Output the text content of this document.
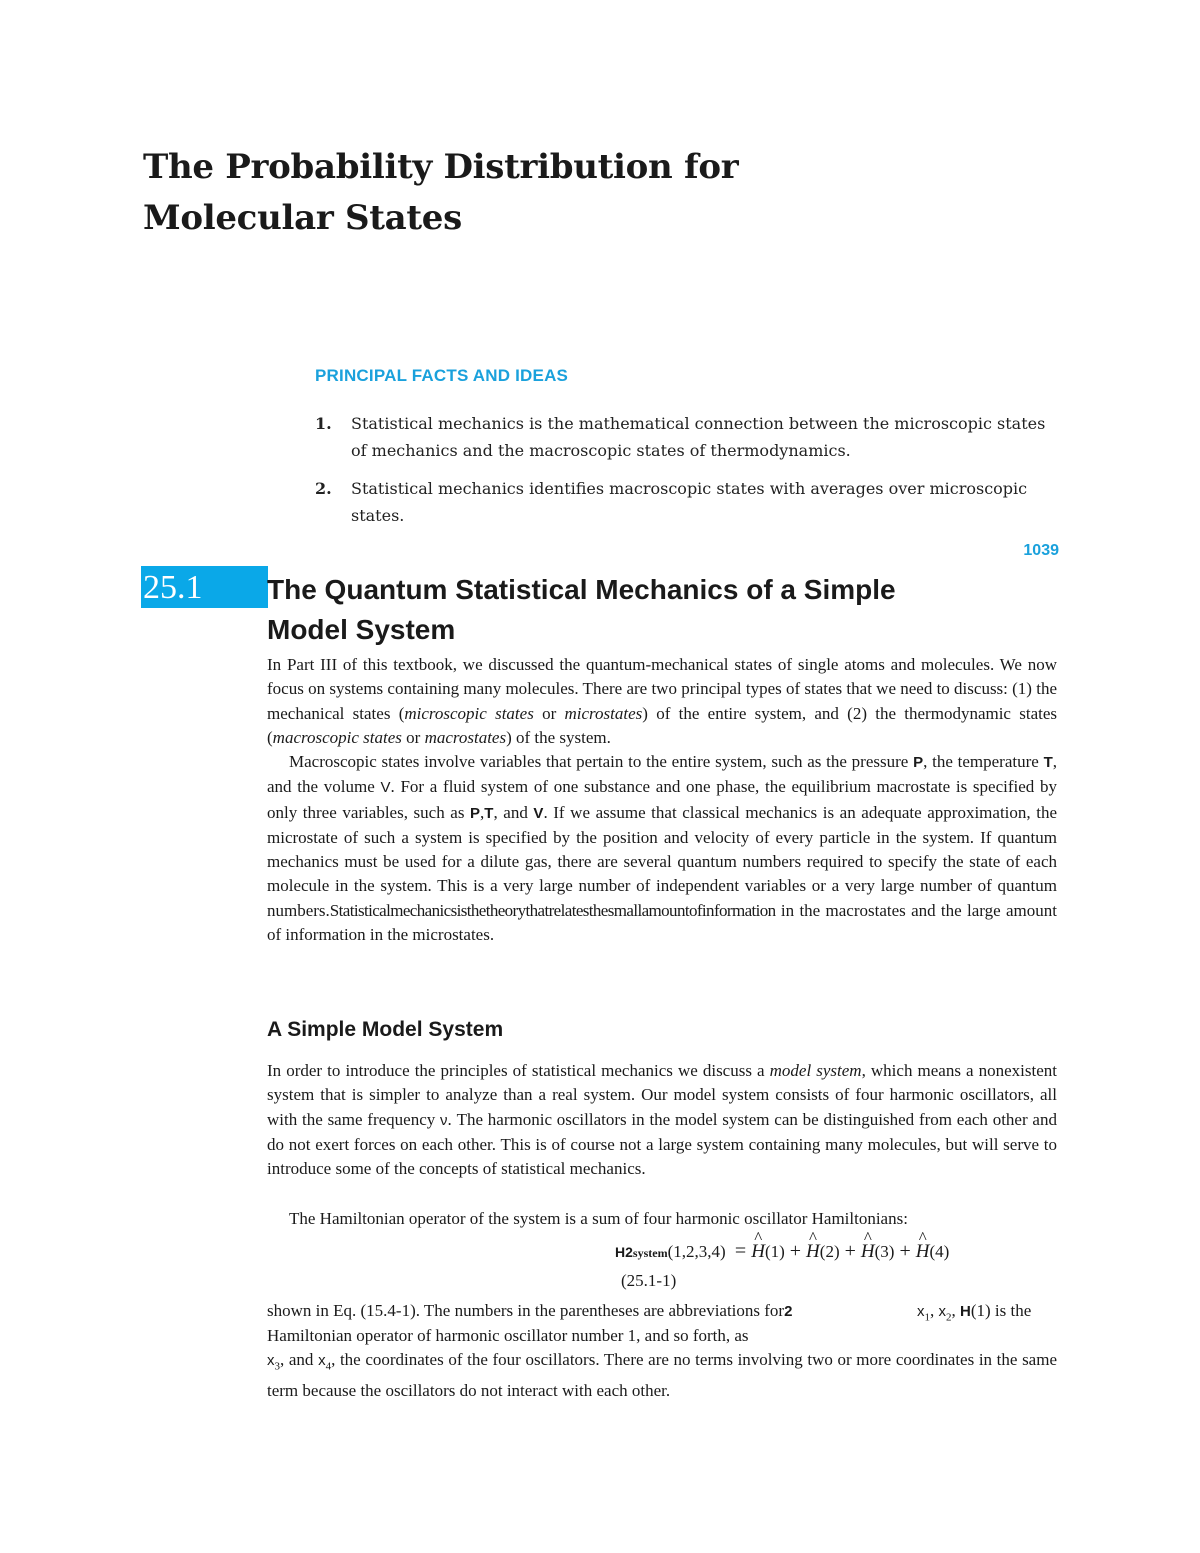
The Probability Distribution for
Molecular States
PRINCIPAL FACTS AND IDEAS
1. Statistical mechanics is the mathematical connection between the microscopic states of mechanics and the macroscopic states of thermodynamics.
2. Statistical mechanics identifies macroscopic states with averages over microscopic states.
1039
25.1	The Quantum Statistical Mechanics of a Simple
Model System

In Part III of this textbook, we discussed the quantum-mechanical states of single atoms and molecules. We now focus on systems containing many molecules. There are two principal types of states that we need to discuss: (1) the mechanical states (microscopic states or microstates) of the entire system, and (2) the thermodynamic states (macroscopic states or macrostates) of the system.

Macroscopic states involve variables that pertain to the entire system, such as the pressure P, the temperature T, and the volume V. For a fluid system of one substance and one phase, the equilibrium macrostate is specified by only three variables, such as P,T, and V. If we assume that classical mechanics is an adequate approximation, the microstate of such a system is specified by the position and velocity of every particle in the system. If quantum mechanics must be used for a dilute gas, there are several quantum numbers required to specify the state of each molecule in the system. This is a very large number of independent variables or a very large number of quantum numbers.Statisticalmechanicsisthetheorythatrelatesthesmallamountofinformation in the macrostates and the large amount of information in the microstates.

A Simple Model System

In order to introduce the principles of statistical mechanics we discuss a model system, which means a nonexistent system that is simpler to analyze than a real system. Our model system consists of four harmonic oscillators, all with the same frequency ν. The harmonic oscillators in the model system can be distinguished from each other and do not exert forces on each other. This is of course not a large system containing many molecules, but will serve to introduce some of the concepts of statistical mechanics.

The Hamiltonian operator of the system is a sum of four harmonic oscillator Hamiltonians:

H2system(1,2,3,4) = ^ H(1) + ^ H(2) + ^ H(3) + ^ H(4)
(25.1-1)
shown in Eq. (15.4-1). The numbers in the parentheses are abbreviations for2	$x_1$, $x_2$, H(1) is the
Hamiltonian operator of harmonic oscillator number 1, and so forth, as

$x_3$, and $x_4$, the coordinates of the four oscillators. There are no terms involving two or more coordinates in the same term because the oscillators do not interact with each other.
